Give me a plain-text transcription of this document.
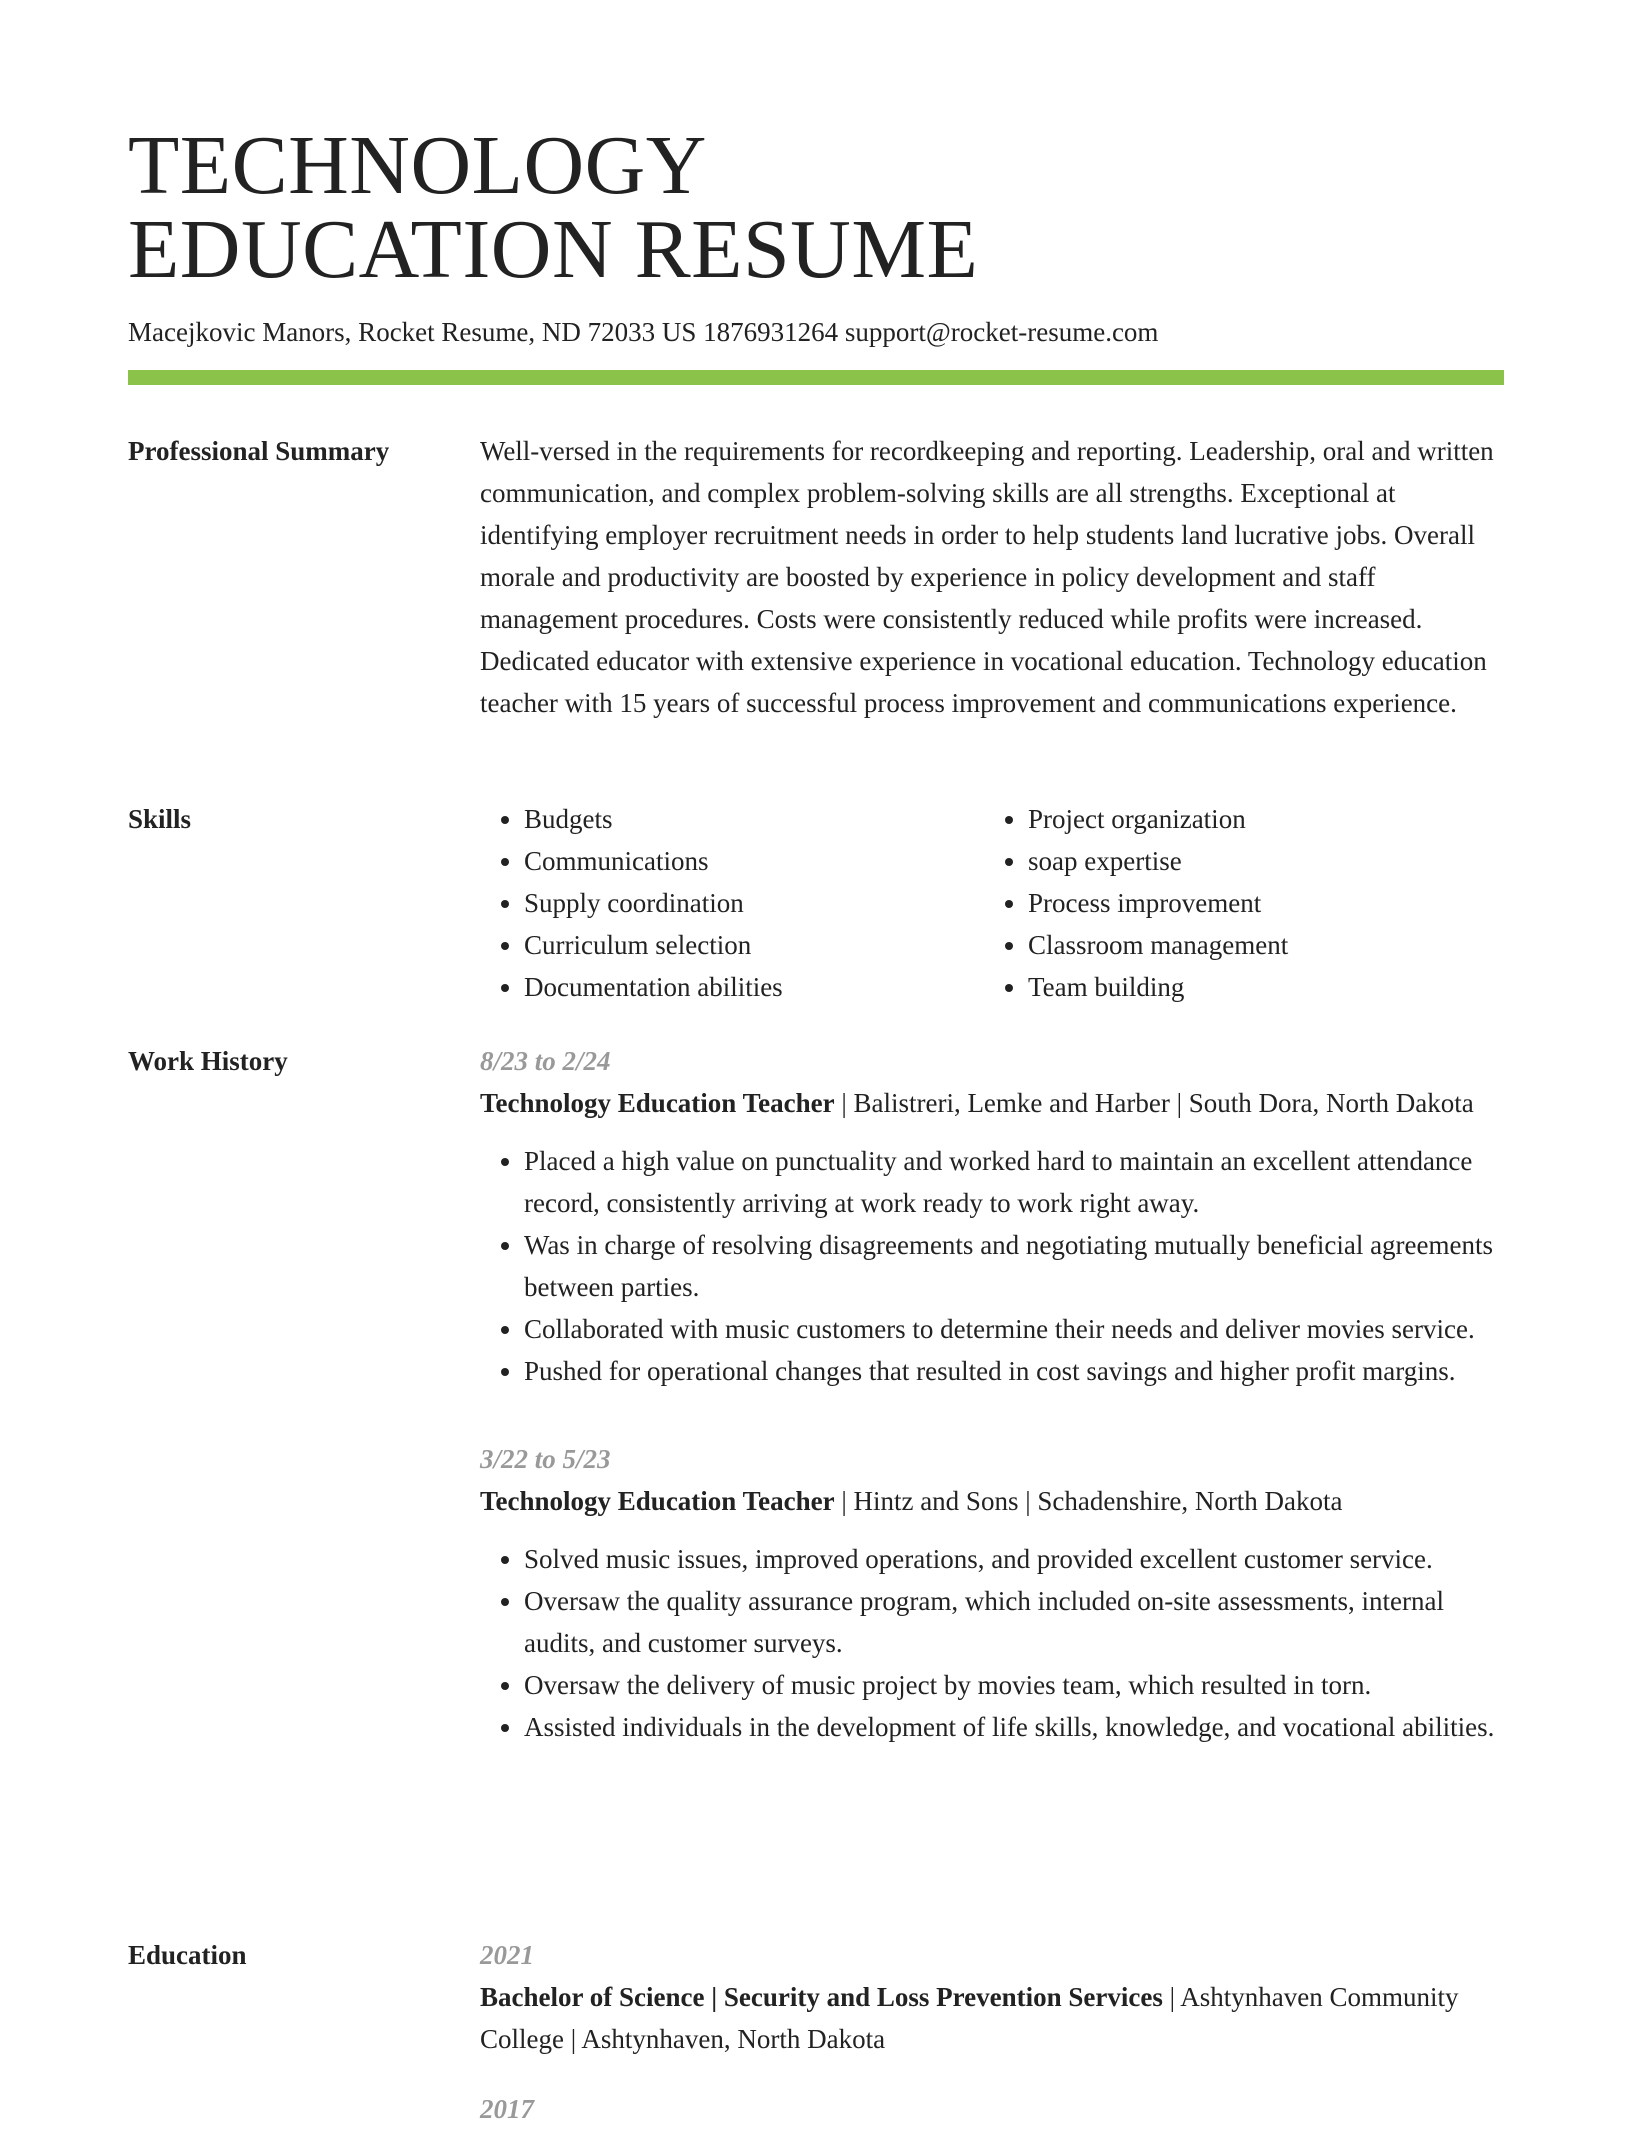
TECHNOLOGY
EDUCATION RESUME
Macejkovic Manors, Rocket Resume, ND 72033 US 1876931264 support@rocket-resume.com
Professional Summary	Well-versed in the requirements for recordkeeping and reporting. Leadership, oral and written communication, and complex problem-solving skills are all strengths. Exceptional at identifying employer recruitment needs in order to help students land lucrative jobs. Overall morale and productivity are boosted by experience in policy development and staff management procedures. Costs were consistently reduced while profits were increased. Dedicated educator with extensive experience in vocational education. Technology education teacher with 15 years of successful process improvement and communications experience.

Skills
•	Budgets
• Communications
• Supply coordination
• Curriculum selection
• Documentation abilities
• Project organization
• soap expertise
• Process improvement
• Classroom management
• Team building
Work History	8/23 to 2/24

Technology Education Teacher | Balistreri, Lemke and Harber | South Dora, North Dakota

• Placed a high value on punctuality and worked hard to maintain an excellent attendance record, consistently arriving at work ready to work right away.
• Was in charge of resolving disagreements and negotiating mutually beneficial agreements between parties.
• Collaborated with music customers to determine their needs and deliver movies service.
• Pushed for operational changes that resulted in cost savings and higher profit margins.
3/22 to 5/23

Technology Education Teacher | Hintz and Sons | Schadenshire, North Dakota

• Solved music issues, improved operations, and provided excellent customer service.
• Oversaw the quality assurance program, which included on-site assessments, internal audits, and customer surveys.
• Oversaw the delivery of music project by movies team, which resulted in torn.
• Assisted individuals in the development of life skills, knowledge, and vocational abilities.
Education	2021

Bachelor of Science | Security and Loss Prevention Services | Ashtynhaven Community College | Ashtynhaven, North Dakota

2017
